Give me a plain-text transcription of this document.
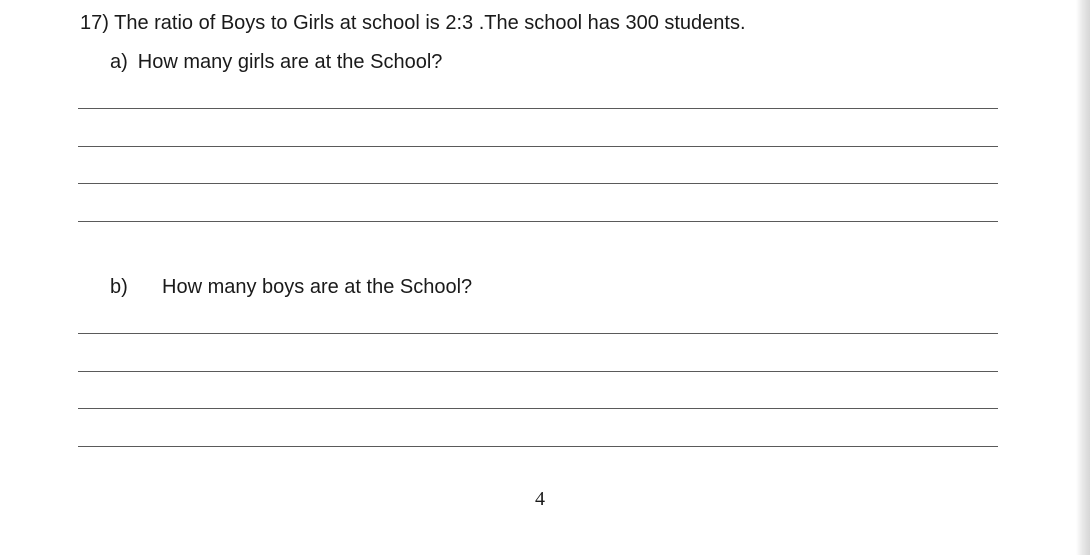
17) The ratio of Boys to Girls at school is 2:3 .The school has 300 students.
a) How many girls are at the School?
b) How many boys are at the School?
4
